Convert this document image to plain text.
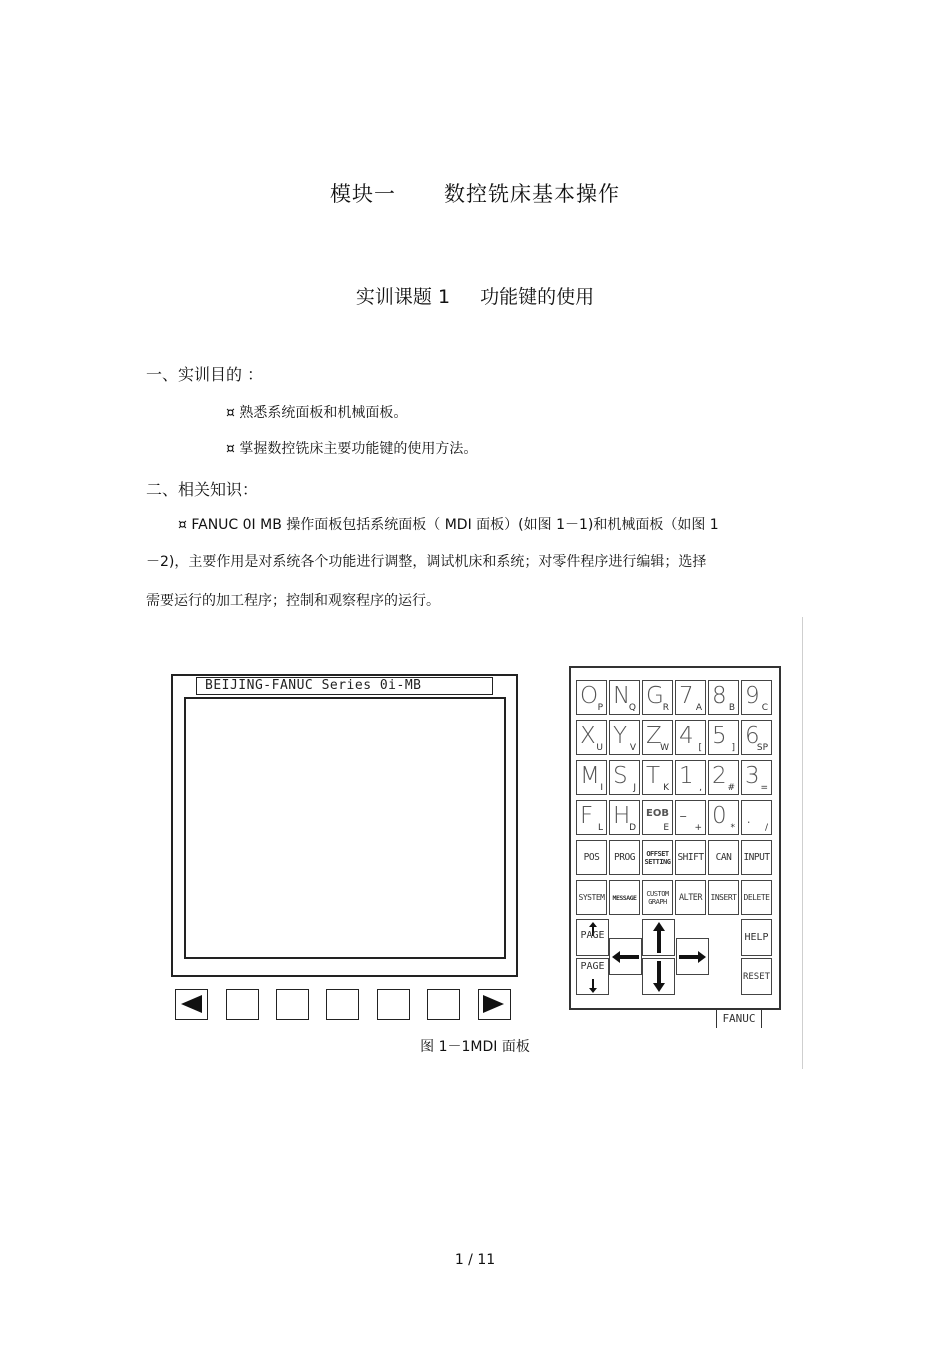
模块一 数控铣床基本操作
实训课题 1 功能键的使用
一、实训目的 ：
¤ 熟悉系统面板和机械面板。
¤ 掌握数控铣床主要功能键的使用方法。
二、相关知识：
¤ FANUC 0I MB 操作面板包括系统面板（ MDI 面板）(如图 1－1)和机械面板（如图 1
－2)，主要作用是对系统各个功能进行调整，调试机床和系统；对零件程序进行编辑；选择
需要运行的加工程序；控制和观察程序的运行。
BEIJING-FANUC Series 0i-MB	O P N
Q G
R 7 A 8 B 9 C
X U Y V Z
W 4 [ 5 ] 6
SP
M I S J T K 1 , 2 # 3 =
F L H
D
EOB
E - + 0 * . /
POS	PROG	OFFSET SETTING SHIFT	CAN	INPUT
SYSTEM	MESSAGE	CUSTOM GRAPH	ALTER	INSERT DELETE
PAGE
PAGE
HELP
RESET
FANUC
图 1－1MDI 面板
1 / 11
